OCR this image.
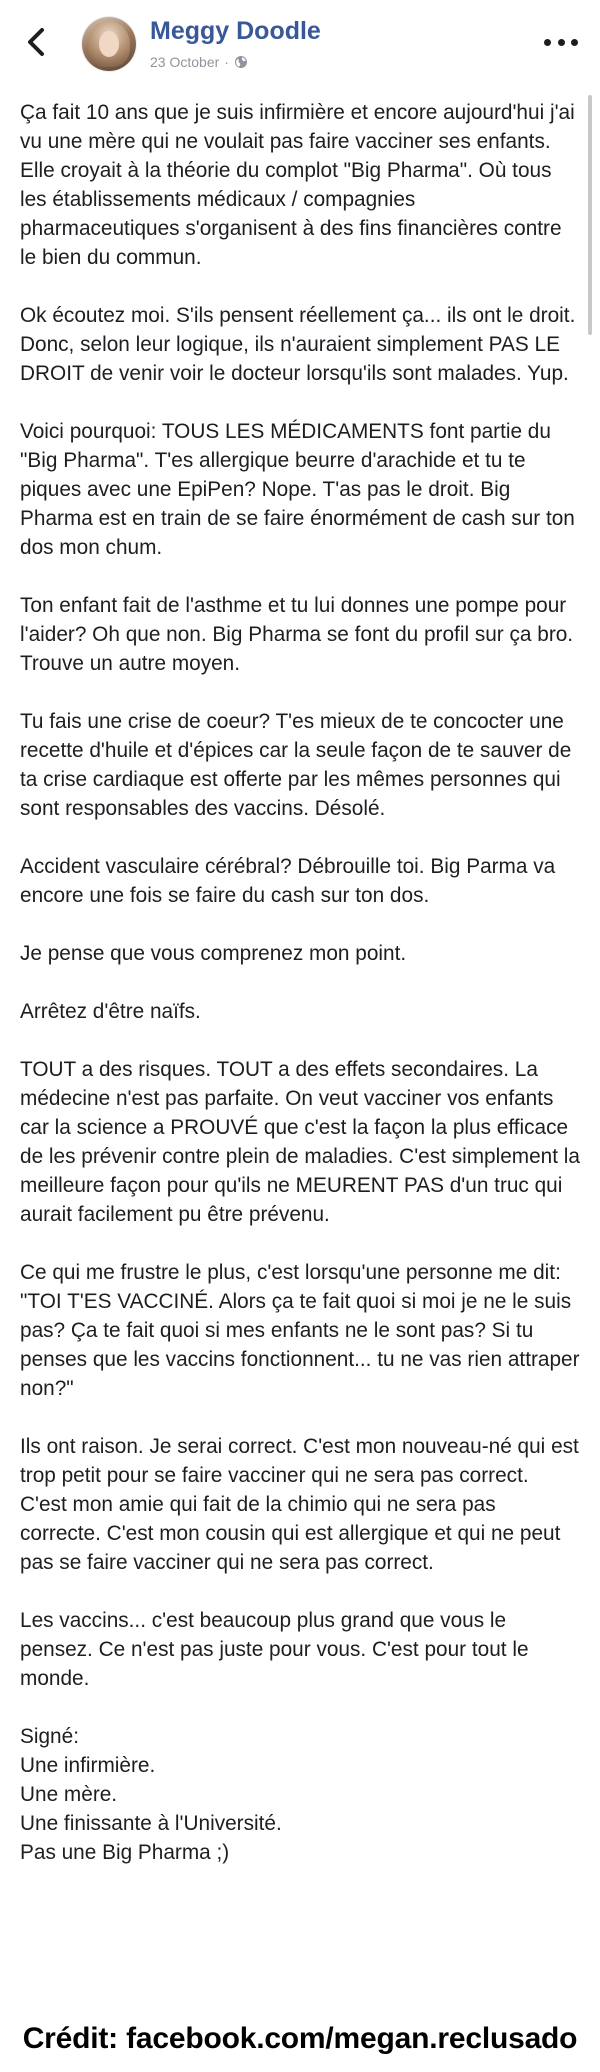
Meggy Doodle
23 October ·

Ça fait 10 ans que je suis infirmière et encore aujourd'hui j'ai vu une mère qui ne voulait pas faire vacciner ses enfants. Elle croyait à la théorie du complot "Big Pharma". Où tous les établissements médicaux / compagnies pharmaceutiques s'organisent à des fins financières contre le bien du commun.

Ok écoutez moi. S'ils pensent réellement ça... ils ont le droit. Donc, selon leur logique, ils n'auraient simplement PAS LE DROIT de venir voir le docteur lorsqu'ils sont malades. Yup.

Voici pourquoi: TOUS LES MÉDICAMENTS font partie du "Big Pharma". T'es allergique beurre d'arachide et tu te piques avec une EpiPen? Nope. T'as pas le droit. Big Pharma est en train de se faire énormément de cash sur ton dos mon chum.

Ton enfant fait de l'asthme et tu lui donnes une pompe pour l'aider? Oh que non. Big Pharma se font du profil sur ça bro. Trouve un autre moyen.

Tu fais une crise de coeur? T'es mieux de te concocter une recette d'huile et d'épices car la seule façon de te sauver de ta crise cardiaque est offerte par les mêmes personnes qui sont responsables des vaccins. Désolé.

Accident vasculaire cérébral? Débrouille toi. Big Parma va encore une fois se faire du cash sur ton dos.

Je pense que vous comprenez mon point.

Arrêtez d'être naïfs.

TOUT a des risques. TOUT a des effets secondaires. La médecine n'est pas parfaite. On veut vacciner vos enfants car la science a PROUVÉ que c'est la façon la plus efficace de les prévenir contre plein de maladies. C'est simplement la meilleure façon pour qu'ils ne MEURENT PAS d'un truc qui aurait facilement pu être prévenu.

Ce qui me frustre le plus, c'est lorsqu'une personne me dit: "TOI T'ES VACCINÉ. Alors ça te fait quoi si moi je ne le suis pas? Ça te fait quoi si mes enfants ne le sont pas? Si tu penses que les vaccins fonctionnent... tu ne vas rien attraper non?"

Ils ont raison. Je serai correct. C'est mon nouveau-né qui est trop petit pour se faire vacciner qui ne sera pas correct. C'est mon amie qui fait de la chimio qui ne sera pas correcte. C'est mon cousin qui est allergique et qui ne peut pas se faire vacciner qui ne sera pas correct.

Les vaccins... c'est beaucoup plus grand que vous le pensez. Ce n'est pas juste pour vous. C'est pour tout le monde.

Signé:
Une infirmière.
Une mère.
Une finissante à l'Université.
Pas une Big Pharma ;)

Crédit: facebook.com/megan.reclusado
